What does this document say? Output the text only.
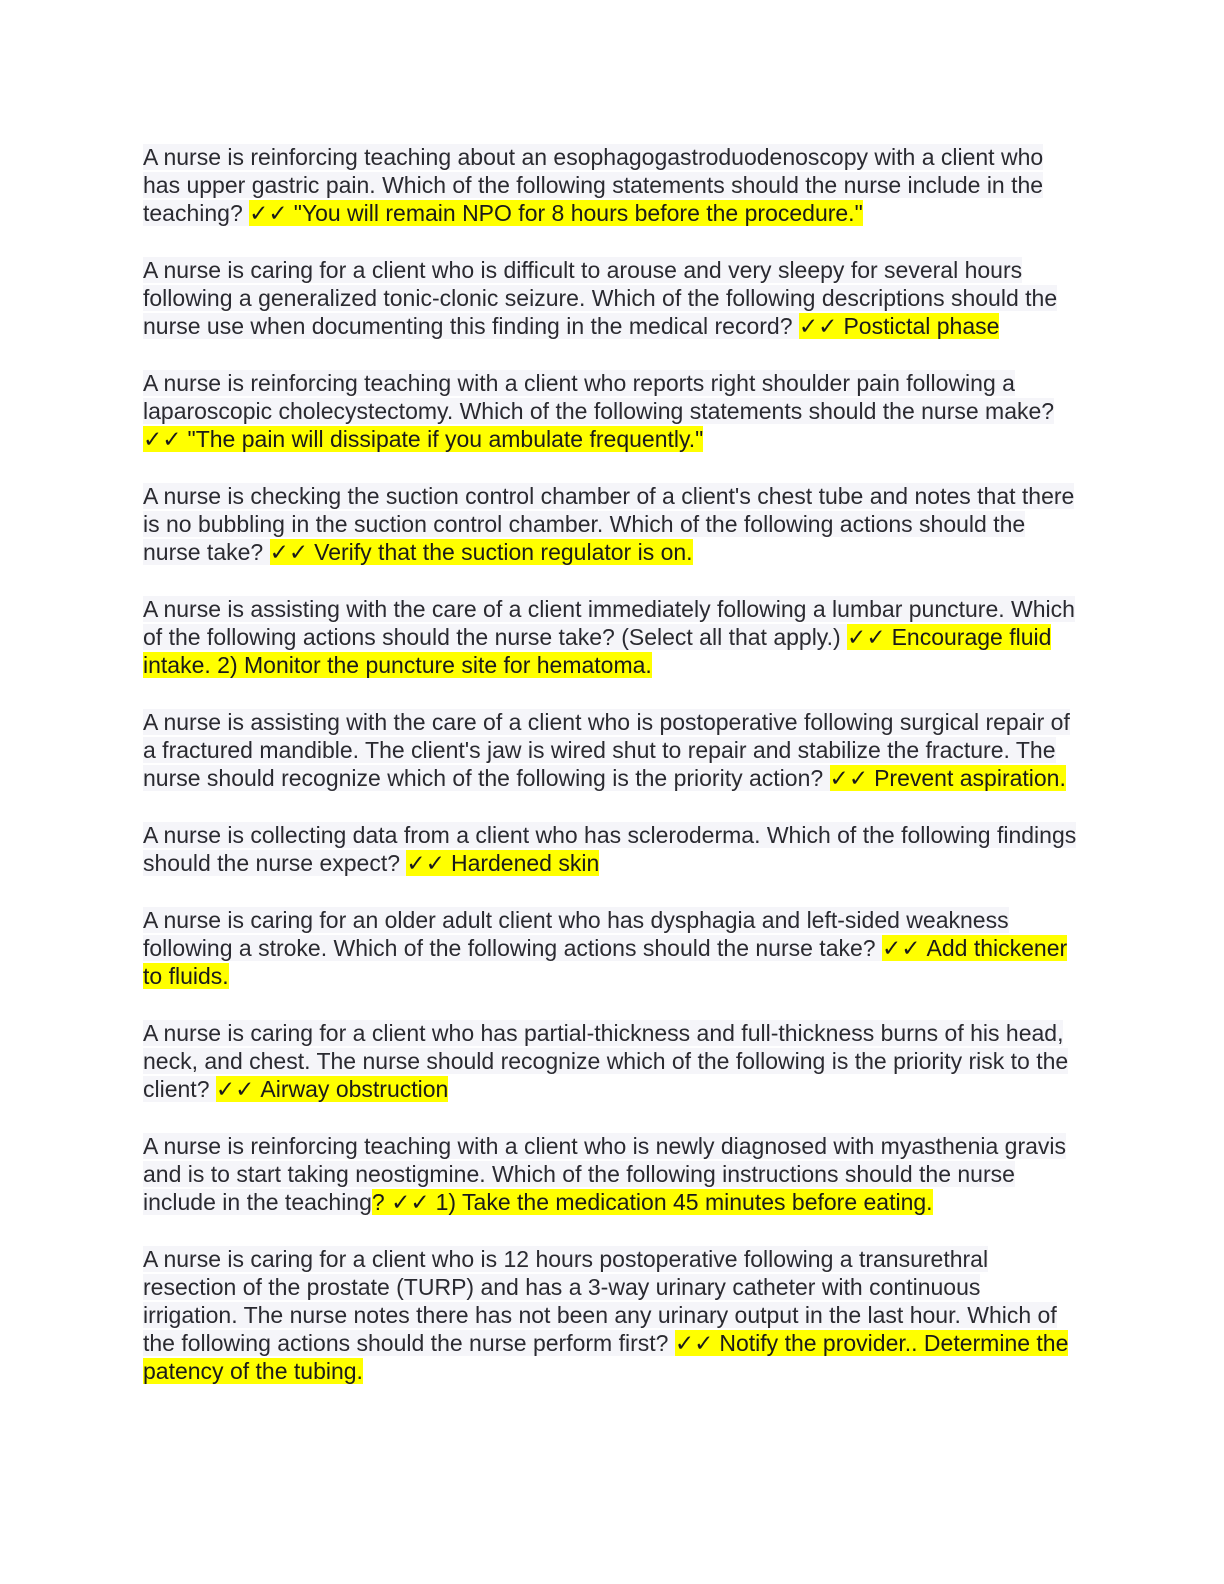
A nurse is reinforcing teaching about an esophagogastroduodenoscopy with a client who has upper gastric pain. Which of the following statements should the nurse include in the teaching? ✓✓ "You will remain NPO for 8 hours before the procedure."

A nurse is caring for a client who is difficult to arouse and very sleepy for several hours following a generalized tonic-clonic seizure. Which of the following descriptions should the nurse use when documenting this finding in the medical record? ✓✓ Postictal phase

A nurse is reinforcing teaching with a client who reports right shoulder pain following a laparoscopic cholecystectomy. Which of the following statements should the nurse make? ✓✓ "The pain will dissipate if you ambulate frequently."

A nurse is checking the suction control chamber of a client's chest tube and notes that there is no bubbling in the suction control chamber. Which of the following actions should the nurse take? ✓✓ Verify that the suction regulator is on.

A nurse is assisting with the care of a client immediately following a lumbar puncture. Which of the following actions should the nurse take? (Select all that apply.) ✓✓ Encourage fluid intake. 2) Monitor the puncture site for hematoma.

A nurse is assisting with the care of a client who is postoperative following surgical repair of a fractured mandible. The client's jaw is wired shut to repair and stabilize the fracture. The nurse should recognize which of the following is the priority action? ✓✓ Prevent aspiration.

A nurse is collecting data from a client who has scleroderma. Which of the following findings should the nurse expect? ✓✓ Hardened skin

A nurse is caring for an older adult client who has dysphagia and left-sided weakness following a stroke. Which of the following actions should the nurse take? ✓✓ Add thickener to fluids.

A nurse is caring for a client who has partial-thickness and full-thickness burns of his head, neck, and chest. The nurse should recognize which of the following is the priority risk to the client? ✓✓ Airway obstruction

A nurse is reinforcing teaching with a client who is newly diagnosed with myasthenia gravis and is to start taking neostigmine. Which of the following instructions should the nurse include in the teaching? ✓✓ 1) Take the medication 45 minutes before eating.

A nurse is caring for a client who is 12 hours postoperative following a transurethral resection of the prostate (TURP) and has a 3-way urinary catheter with continuous irrigation. The nurse notes there has not been any urinary output in the last hour. Which of the following actions should the nurse perform first? ✓✓ Notify the provider.. Determine the patency of the tubing.
